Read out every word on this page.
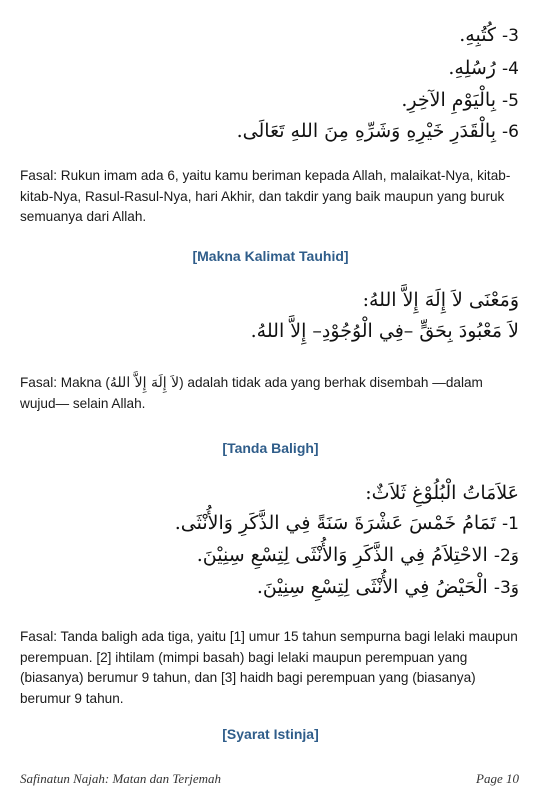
3- كُتُبِهِ.
4- رُسُلِهِ.
5- بِالْيَوْمِ الآخِرِ.
6- بِالْقَدَرِ خَيْرِهِ وَشَرِّهِ مِنَ اللهِ تَعَالَى.

Fasal: Rukun imam ada 6, yaitu kamu beriman kepada Allah, malaikat-Nya, kitab-kitab-Nya, Rasul-Rasul-Nya, hari Akhir, dan takdir yang baik maupun yang buruk semuanya dari Allah.

[Makna Kalimat Tauhid]
وَمَعْنَى لاَ إِلَهَ إِلاَّ اللهُ:
لاَ مَعْبُودَ بِحَقٍّ –فِي الْوُجُوْدِ– إِلاَّ اللهُ.

Fasal: Makna (لاَ إِلَهَ إِلاَّ اللهُ) adalah tidak ada yang berhak disembah —dalam wujud— selain Allah.

[Tanda Baligh]
عَلاَمَاتُ الْبُلُوْغِ ثَلاَثٌ:
1- تَمَامُ خَمْسَ عَشْرَةَ سَنَةً فِي الذَّكَرِ وَالأُنْثَى.
وَ2- الاحْتِلاَمُ فِي الذَّكَرِ وَالأُنْثَى لِتِسْعِ سِنِيْنَ.
وَ3- الْحَيْضُ فِي الأُنْثَى لِتِسْعِ سِنِيْنَ.

Fasal: Tanda baligh ada tiga, yaitu [1] umur 15 tahun sempurna bagi lelaki maupun perempuan. [2] ihtilam (mimpi basah) bagi lelaki maupun perempuan yang (biasanya) berumur 9 tahun, dan [3] haidh bagi perempuan yang (biasanya) berumur 9 tahun.

[Syarat Istinja]
Safinatun Najah: Matan dan Terjemah	Page 10
